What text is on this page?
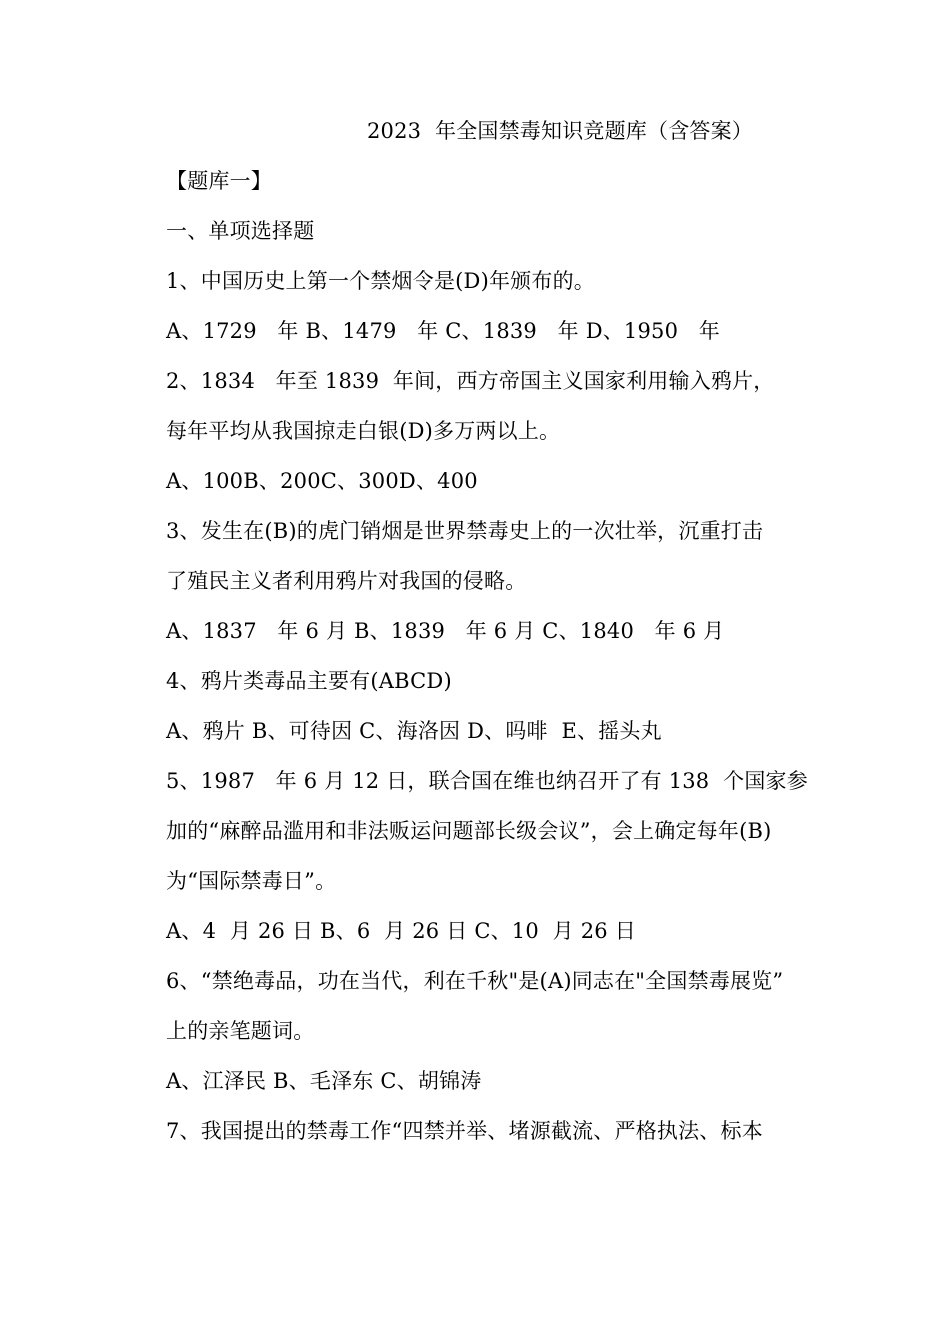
2023  年全国禁毒知识竞题库（含答案）
【题库一】
一、单项选择题
1、中国历史上第一个禁烟令是(D)年颁布的。
A、1729   年 B、1479   年 C、1839   年 D、1950   年
2、1834   年至 1839  年间，西方帝国主义国家利用输入鸦片，
每年平均从我国掠走白银(D)多万两以上。
A、100B、200C、300D、400
3、发生在(B)的虎门销烟是世界禁毒史上的一次壮举，沉重打击
了殖民主义者利用鸦片对我国的侵略。
A、1837   年 6 月 B、1839   年 6 月 C、1840   年 6 月
4、鸦片类毒品主要有(ABCD)
A、鸦片 B、可待因 C、海洛因 D、吗啡  E、摇头丸
5、1987   年 6 月 12 日，联合国在维也纳召开了有 138  个国家参
加的“麻醉品滥用和非法贩运问题部长级会议”，会上确定每年(B)
为“国际禁毒日”。
A、4  月 26 日 B、6  月 26 日 C、10  月 26 日
6、“禁绝毒品，功在当代，利在千秋"是(A)同志在"全国禁毒展览”
上的亲笔题词。
A、江泽民 B、毛泽东 C、胡锦涛
7、我国提出的禁毒工作“四禁并举、堵源截流、严格执法、标本
